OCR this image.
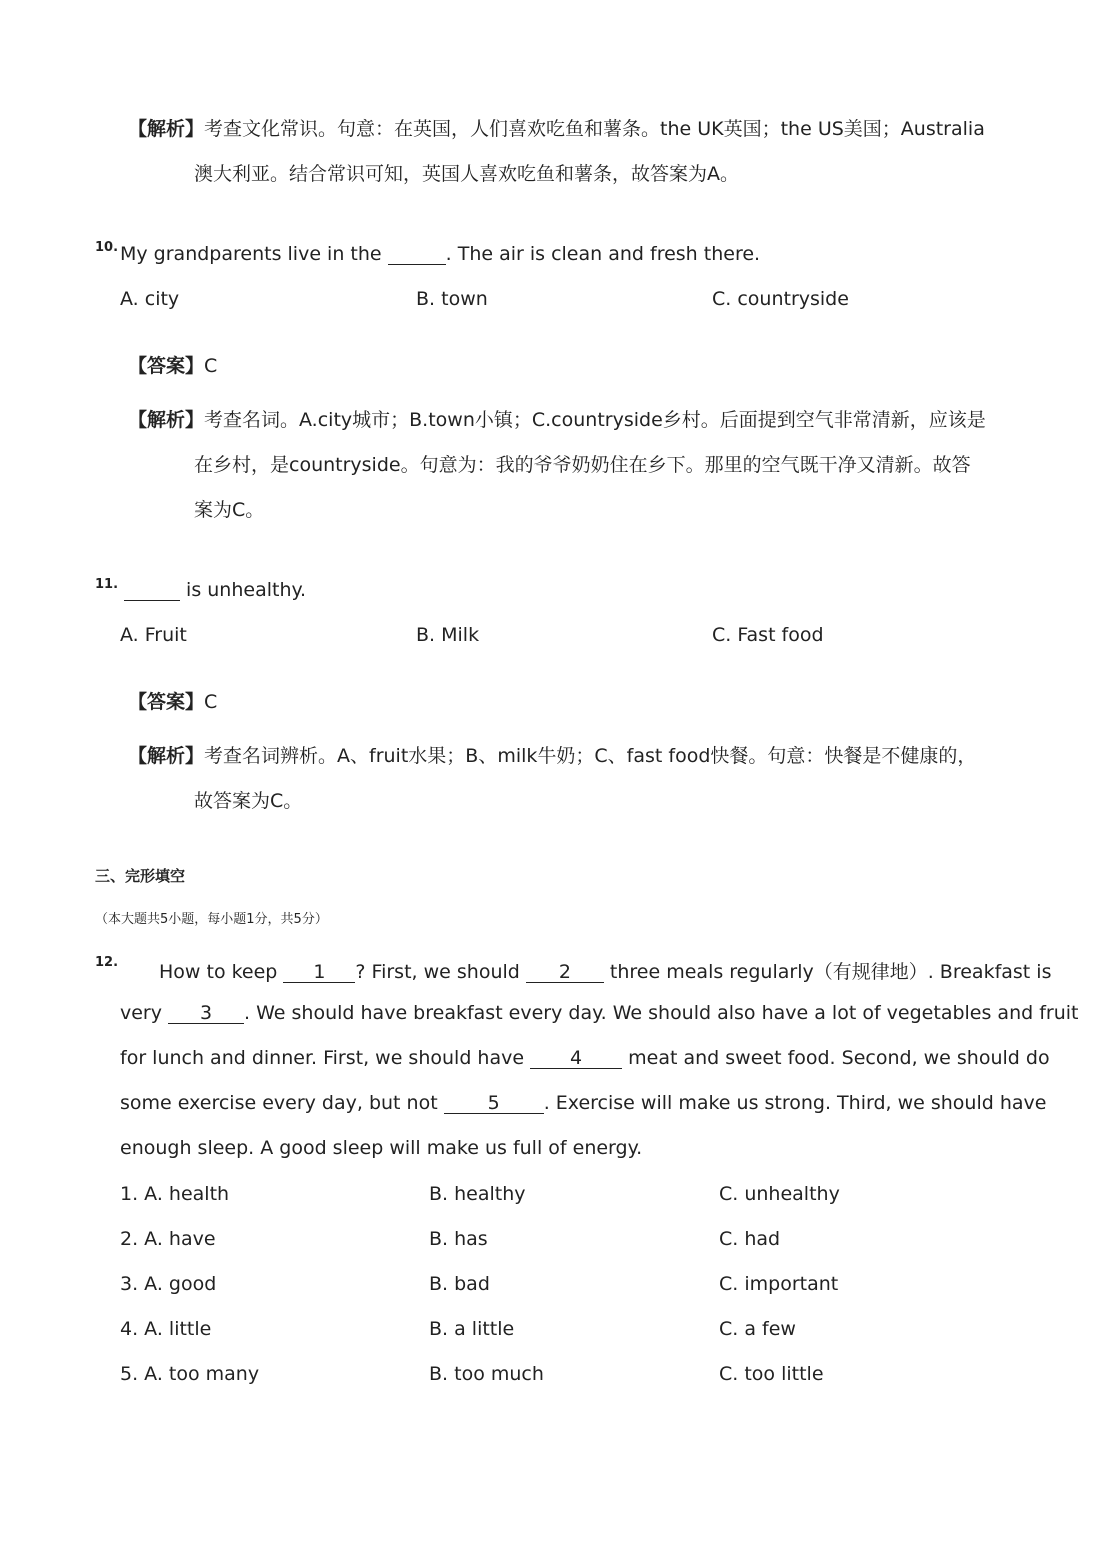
【解析】考查文化常识。句意：在英国，人们喜欢吃鱼和薯条。the UK英国；the US美国；Australia
澳大利亚。结合常识可知，英国人喜欢吃鱼和薯条，故答案为A。
10. My grandparents live in the	. The air is clean and fresh there.
A. city	B. town	C. countryside
【答案】C
【解析】考查名词。A.city城市；B.town小镇；C.countryside乡村。后面提到空气非常清新，应该是
在乡村，是countryside。句意为：我的爷爷奶奶住在乡下。那里的空气既干净又清新。故答
案为C。
11.	is unhealthy.
A. Fruit	B. Milk	C. Fast food
【答案】C
【解析】考查名词辨析。A、fruit水果；B、milk牛奶；C、fast food快餐。句意：快餐是不健康的，
故答案为C。
三、完形填空
（本大题共5小题，每小题1分，共5分）
12. How to keep 1 ? First, we should 2 three meals regularly（有规律地）. Breakfast is
very 3 . We should have breakfast every day. We should also have a lot of vegetables and fruit
for lunch and dinner. First, we should have 4 meat and sweet food. Second, we should do
some exercise every day, but not	5 . Exercise will make us strong. Third, we should have
enough sleep. A good sleep will make us full of energy.
1. A. health	B. healthy	C. unhealthy
2. A. have	B. has	C. had
3. A. good	B. bad	C. important
4. A. little	B. a little	C. a few
5. A. too many	B. too much	C. too little
